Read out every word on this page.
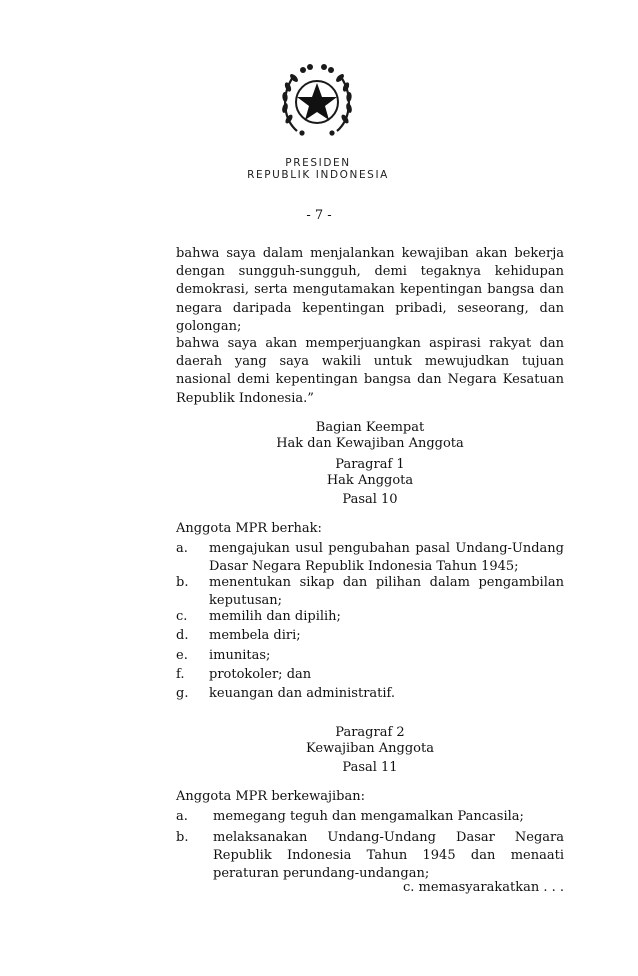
PRESIDEN
REPUBLIK INDONESIA
- 7 -

bahwa saya dalam menjalankan kewajiban akan bekerja dengan sungguh-sungguh, demi tegaknya kehidupan demokrasi, serta mengutamakan kepentingan bangsa dan negara daripada kepentingan pribadi, seseorang, dan golongan;

bahwa saya akan memperjuangkan aspirasi rakyat dan daerah yang saya wakili untuk mewujudkan tujuan nasional demi kepentingan bangsa dan Negara Kesatuan Republik Indonesia.”

Bagian Keempat

Hak dan Kewajiban Anggota

Paragraf 1

Hak Anggota

Pasal 10

Anggota MPR berhak:

a.	mengajukan usul pengubahan pasal Undang-Undang Dasar Negara Republik Indonesia Tahun 1945;

b.	menentukan sikap dan pilihan dalam pengambilan keputusan;

c.	memilih dan dipilih;

d.	membela diri;

e.	imunitas;

f.	protokoler; dan

g.	keuangan dan administratif.

Paragraf 2

Kewajiban Anggota

Pasal 11

Anggota MPR berkewajiban:

a.	memegang teguh dan mengamalkan Pancasila;

b.	melaksanakan Undang-Undang Dasar Negara Republik Indonesia Tahun 1945 dan menaati peraturan perundang-undangan;

c. memasyarakatkan . . .
